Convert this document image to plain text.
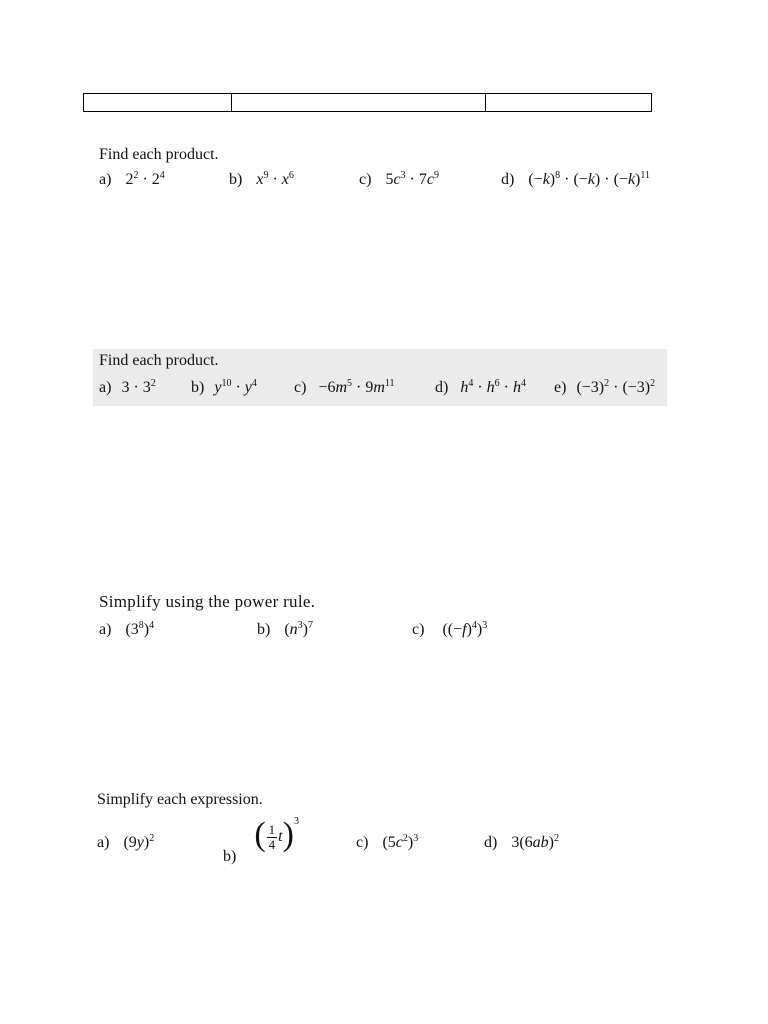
Find each product.
a) $2^2 \cdot 2^4$	b) $x^9 \cdot x^6$	c) $5c^3 \cdot 7c^9$	d) $(-k)^8 \cdot (-k) \cdot (-k)^{11}$
Find each product.
a) $3 \cdot 3^2$ b) $y^{10} \cdot y^4$ $c) -6m^5 \cdot 9m^{11}$	d) $h^4 \cdot h^6 \cdot h^4$ e) $(-3)^2 \cdot (-3)^2$
Simplify using the power rule.
a) $(3^8)^4$	b) $(n^3)^7$	c) $((-f)^4)^3$
Simplify each expression.
a) $(9y)^2$
b)
( $\frac{1}{4}$ t ) 3
c) $(5c^2)^3$	d) $3(6ab)^2$
